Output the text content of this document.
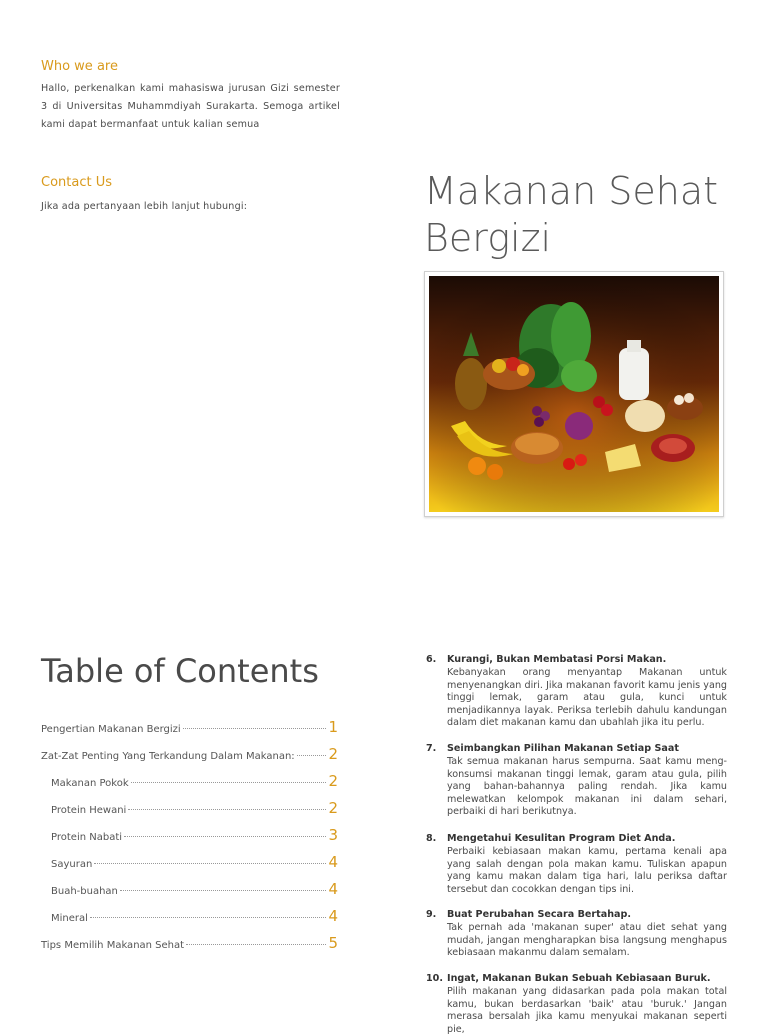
Who we are
Hallo, perkenalkan kami mahasiswa jurusan Gizi semester 3 di Universitas Muhammdiyah Surakarta. Semoga artikel kami dapat bermanfaat untuk kalian semua
Contact Us
Jika ada pertanyaan lebih lanjut hubungi:	Makanan Sehat Bergizi
Table of Contents
Pengertian Makanan Bergizi	1
Zat-Zat Penting Yang Terkandung Dalam Makanan: 2
Makanan Pokok	2
Protein Hewani	2
Protein Nabati	3
Sayuran	4
Buah-buahan	4
Mineral	4
Tips Memilih Makanan Sehat	5
6.	Kurangi, Bukan Membatasi Porsi Makan.
Kebanyakan orang menyantap Makanan untuk menyenangkan diri. Jika makanan favorit kamu jenis yang tinggi lemak, garam atau gula, kunci untuk menjadikannya layak. Periksa terlebih dahulu kandungan dalam diet makanan kamu dan ubahlah jika itu perlu.
7.	Seimbangkan Pilihan Makanan Setiap Saat
Tak semua makanan harus sempurna. Saat kamu meng-konsumsi makanan tinggi lemak, garam atau gula, pilih yang bahan-bahannya paling rendah. Jika kamu melewatkan kelompok makanan ini dalam sehari, perbaiki di hari berikutnya.
8.	Mengetahui Kesulitan Program Diet Anda.
Perbaiki kebiasaan makan kamu, pertama kenali apa yang salah dengan pola makan kamu. Tuliskan apapun yang kamu makan dalam tiga hari, lalu periksa daftar tersebut dan cocokkan dengan tips ini.
9.	Buat Perubahan Secara Bertahap.
Tak pernah ada 'makanan super' atau diet sehat yang mudah, jangan mengharapkan bisa langsung menghapus kebiasaan makanmu dalam semalam.
10. Ingat, Makanan Bukan Sebuah Kebiasaan Buruk.
Pilih makanan yang didasarkan pada pola makan total kamu, bukan berdasarkan 'baik' atau 'buruk.' Jangan merasa bersalah jika kamu menyukai makanan seperti pie,
